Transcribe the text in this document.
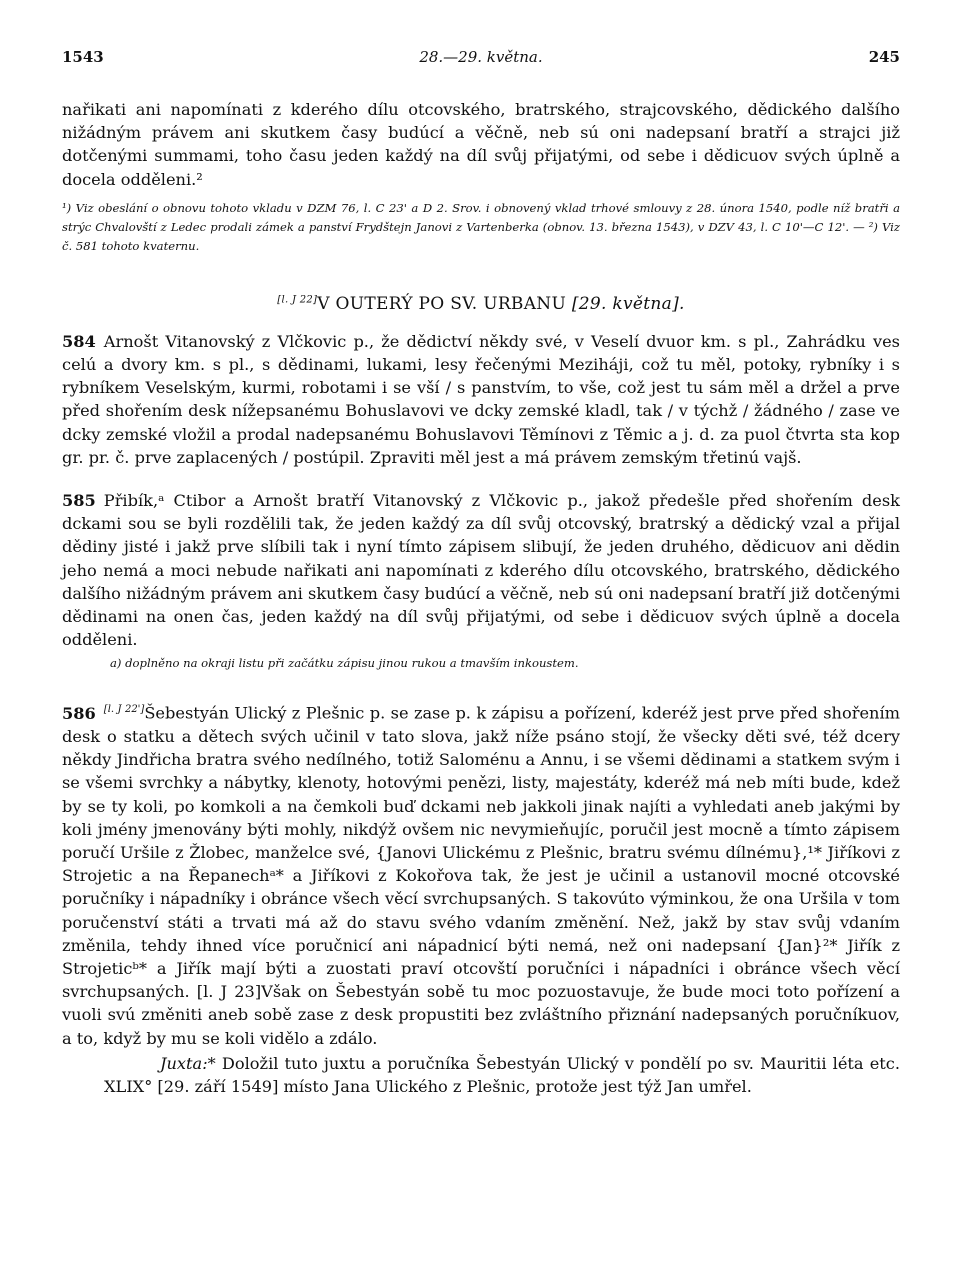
1543	28.—29. května.	245

nařikati ani napomínati z kderého dílu otcovského, bratrského, strajcovského, dědického dalšího nižádným právem ani skutkem časy budúcí a věčně, neb sú oni nadepsaní bratří a strajci již dotčenými summami, toho času jeden každý na díl svůj přijatými, od sebe i dědicuov svých úplně a docela odděleni.²

¹) Viz obeslání o obnovu tohoto vkladu v DZM 76, l. C 23' a D 2. Srov. i obnovený vklad trhové smlouvy z 28. února 1540, podle níž bratři a strýc Chvalovští z Ledec prodali zámek a panství Frydštejn Janovi z Vartenberka (obnov. 13. března 1543), v DZV 43, l. C 10'—C 12'. — ²) Viz č. 581 tohoto kvaternu.

[l. J 22]V OUTERÝ PO SV. URBANU [29. května].

584 Arnošt Vitanovský z Vlčkovic p., že dědictví někdy své, v Veselí dvuor km. s pl., Zahrádku ves celú a dvory km. s pl., s dědinami, lukami, lesy řečenými Meziháji, což tu měl, potoky, rybníky i s rybníkem Veselským, kurmi, robotami i se vší / s panstvím, to vše, což jest tu sám měl a držel a prve před shořením desk nížepsanému Bohuslavovi ve dcky zemské kladl, tak / v týchž / žádného / zase ve dcky zemské vložil a prodal nadepsanému Bohuslavovi Těmínovi z Těmic a j. d. za puol čtvrta sta kop gr. pr. č. prve zaplacených / postúpil. Zpraviti měl jest a má právem zemským třetinú vajš.

585 Přibík,ᵃ Ctibor a Arnošt bratří Vitanovský z Vlčkovic p., jakož předešle před shořením desk dckami sou se byli rozdělili tak, že jeden každý za díl svůj otcovský, bratrský a dědický vzal a přijal dědiny jisté i jakž prve slíbili tak i nyní tímto zápisem slibují, že jeden druhého, dědicuov ani dědin jeho nemá a moci nebude nařikati ani napomínati z kderého dílu otcovského, bratrského, dědického dalšího nižádným právem ani skutkem časy budúcí a věčně, neb sú oni nadepsaní bratří již dotčenými dědinami na onen čas, jeden každý na díl svůj přijatými, od sebe i dědicuov svých úplně a docela odděleni.

a) doplněno na okraji listu při začátku zápisu jinou rukou a tmavším inkoustem.

586 [l. J 22']Šebestyán Ulický z Plešnic p. se zase p. k zápisu a pořízení, kderéž jest prve před shořením desk o statku a dětech svých učinil v tato slova, jakž níže psáno stojí, že všecky děti své, též dcery někdy Jindřicha bratra svého nedílného, totiž Saloménu a Annu, i se všemi dědinami a statkem svým i se všemi svrchky a nábytky, klenoty, hotovými penězi, listy, majestáty, kderéž má neb míti bude, kdež by se ty koli, po komkoli a na čemkoli buď dckami neb jakkoli jinak najíti a vyhledati aneb jakými by koli jmény jmenovány býti mohly, nikdýž ovšem nic nevymieňujíc, poručil jest mocně a tímto zápisem poručí Uršile z Žlobec, manželce své, {Janovi Ulickému z Plešnic, bratru svému dílnému},¹* Jiříkovi z Strojetic a na Řepanechᵃ* a Jiříkovi z Kokořova tak, že jest je učinil a ustanovil mocné otcovské poručníky i nápadníky i obránce všech věcí svrchupsaných. S takovúto výminkou, že ona Uršila v tom poručenství státi a trvati má až do stavu svého vdaním změnění. Než, jakž by stav svůj vdaním změnila, tehdy ihned více poručnicí ani nápadnicí býti nemá, než oni nadepsaní {Jan}²* Jiřík z Strojeticᵇ* a Jiřík mají býti a zuostati praví otcovští poručníci i nápadníci i obránce všech věcí svrchupsaných. [l. J 23]Však on Šebestyán sobě tu moc pozuostavuje, že bude moci toto pořízení a vuoli svú změniti aneb sobě zase z desk propustiti bez zvláštního přiznání nadepsaných poručníkuov, a to, když by mu se koli vidělo a zdálo.

Juxta:* Doložil tuto juxtu a poručníka Šebestyán Ulický v pondělí po sv. Mauritii léta etc. XLIX° [29. září 1549] místo Jana Ulického z Plešnic, protože jest týž Jan umřel.
